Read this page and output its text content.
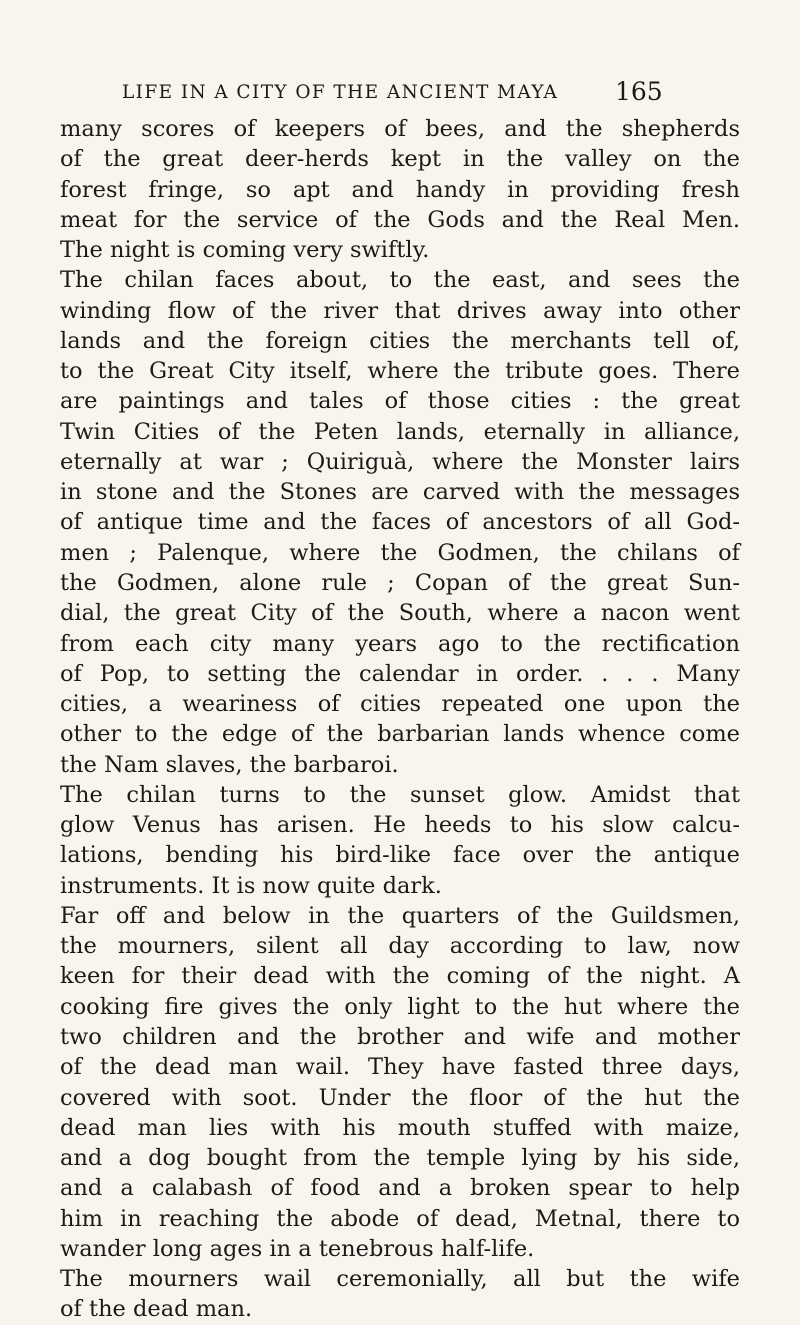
LIFE IN A CITY OF THE ANCIENT MAYA 165
many scores of keepers of bees, and the shepherds
of the great deer-herds kept in the valley on the
forest fringe, so apt and handy in providing fresh
meat for the service of the Gods and the Real Men.
The night is coming very swiftly.
The chilan faces about, to the east, and sees the
winding flow of the river that drives away into other
lands and the foreign cities the merchants tell of,
to the Great City itself, where the tribute goes. There
are paintings and tales of those cities : the great
Twin Cities of the Peten lands, eternally in alliance,
eternally at war ; Quiriguà, where the Monster lairs
in stone and the Stones are carved with the messages
of antique time and the faces of ancestors of all God-
men ; Palenque, where the Godmen, the chilans of
the Godmen, alone rule ; Copan of the great Sun-
dial, the great City of the South, where a nacon went
from each city many years ago to the rectification
of Pop, to setting the calendar in order. . . . Many
cities, a weariness of cities repeated one upon the
other to the edge of the barbarian lands whence come
the Nam slaves, the barbaroi.
The chilan turns to the sunset glow. Amidst that
glow Venus has arisen. He heeds to his slow calcu-
lations, bending his bird-like face over the antique
instruments. It is now quite dark.
Far off and below in the quarters of the Guildsmen,
the mourners, silent all day according to law, now
keen for their dead with the coming of the night. A
cooking fire gives the only light to the hut where the
two children and the brother and wife and mother
of the dead man wail. They have fasted three days,
covered with soot. Under the floor of the hut the
dead man lies with his mouth stuffed with maize,
and a dog bought from the temple lying by his side,
and a calabash of food and a broken spear to help
him in reaching the abode of dead, Metnal, there to
wander long ages in a tenebrous half-life.
The mourners wail ceremonially, all but the wife
of the dead man.
